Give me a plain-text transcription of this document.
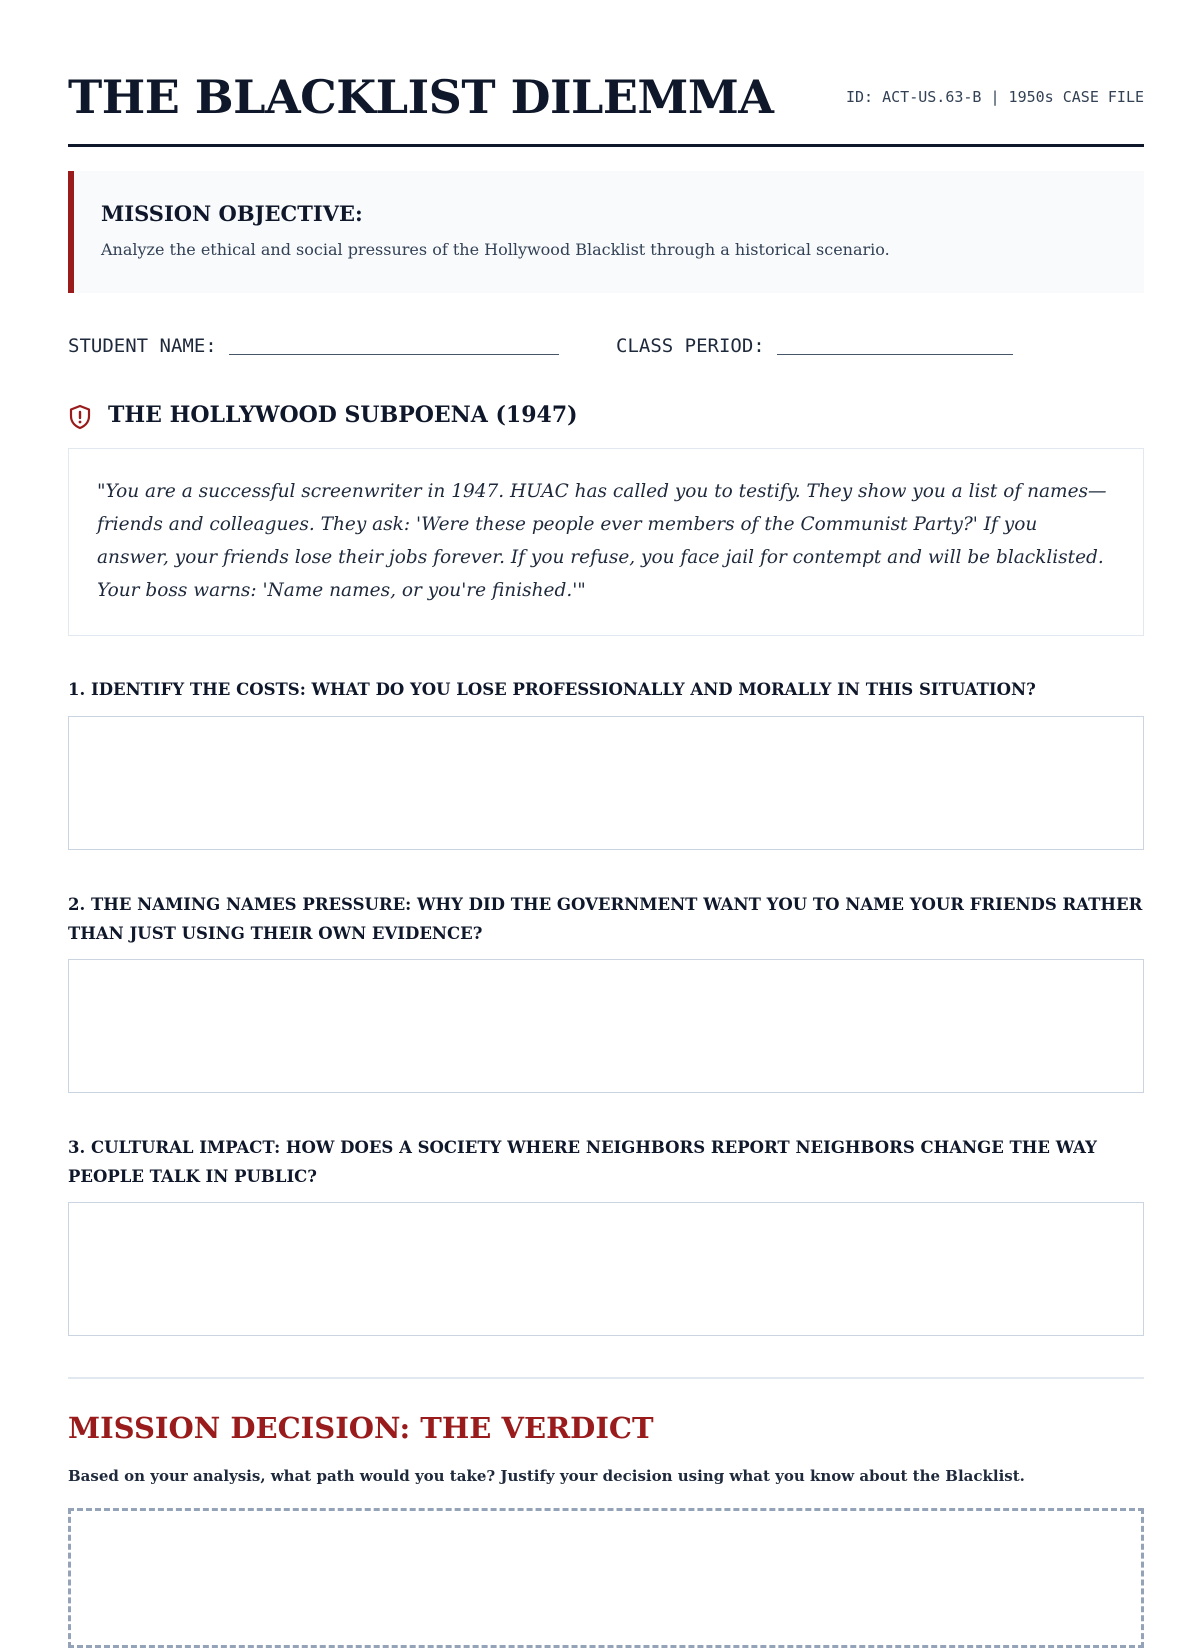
THE BLACKLIST DILEMMA	ID: ACT-US.63-B | 1950s CASE FILE
MISSION OBJECTIVE:
Analyze the ethical and social pressures of the Hollywood Blacklist through a historical scenario.
STUDENT NAME:	CLASS PERIOD:
THE HOLLYWOOD SUBPOENA (1947)

"You are a successful screenwriter in 1947. HUAC has called you to testify. They show you a list of names—friends and colleagues. They ask: 'Were these people ever members of the Communist Party?' If you answer, your friends lose their jobs forever. If you refuse, you face jail for contempt and will be blacklisted. Your boss warns: 'Name names, or you're finished.'"

1. IDENTIFY THE COSTS: WHAT DO YOU LOSE PROFESSIONALLY AND MORALLY IN THIS SITUATION?

2. THE NAMING NAMES PRESSURE: WHY DID THE GOVERNMENT WANT YOU TO NAME YOUR FRIENDS RATHER THAN JUST USING THEIR OWN EVIDENCE?

3. CULTURAL IMPACT: HOW DOES A SOCIETY WHERE NEIGHBORS REPORT NEIGHBORS CHANGE THE WAY PEOPLE TALK IN PUBLIC?

MISSION DECISION: THE VERDICT

Based on your analysis, what path would you take? Justify your decision using what you know about the Blacklist.
